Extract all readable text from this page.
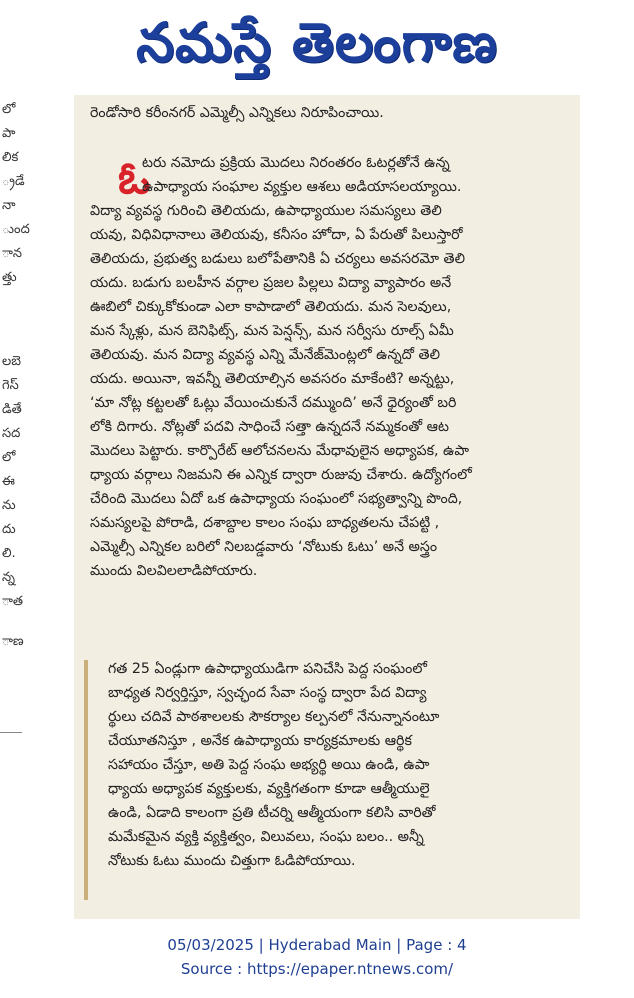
నమస్తే తెలంగాణ
లో
పా
లిక
్రడే
నా
ుంద
ాన
త్తు
లబె
గెస్
డితే
సద
లో
ఈ
ను
దు
లి.
న్న
ాత
ాణ
రెండోసారి కరీంనగర్ ఎమ్మెల్సీ ఎన్నికలు నిరూపించాయి.
ఓ
టరు నమోదు ప్రక్రియ మొదలు నిరంతరం ఓటర్లతోనే ఉన్న
ఉపాధ్యాయ సంఘాల వ్యక్తుల ఆశలు అడియాసలయ్యాయి.
విద్యా వ్యవస్థ గురించి తెలియదు, ఉపాధ్యాయుల సమస్యలు తెలి
యవు, విధివిధానాలు తెలియవు, కనీసం హోదా, ఏ పేరుతో పిలుస్తారో
తెలియదు, ప్రభుత్వ బడులు బలోపేతానికి ఏ చర్యలు అవసరమో తెలి
యదు. బడుగు బలహీన వర్గాల ప్రజల పిల్లలు విద్యా వ్యాపారం అనే
ఊబిలో చిక్కుకోకుండా ఎలా కాపాడాలో తెలియదు. మన సెలవులు,
మన స్కేళ్లు, మన బెనిఫిట్స్, మన పెన్షన్స్, మన సర్వీసు రూల్స్ ఏమీ
తెలియవు. మన విద్యా వ్యవస్థ ఎన్ని మేనేజ్‌మెంట్లలో ఉన్నదో తెలి
యదు. అయినా, ఇవన్నీ తెలియాల్సిన అవసరం మాకేంటి? అన్నట్టు,
‘మా నోట్ల కట్టలతో ఓట్లు వేయించుకునే దమ్ముంది’ అనే ధైర్యంతో బరి
లోకి దిగారు. నోట్లతో పదవి సాధించే సత్తా ఉన్నదనే నమ్మకంతో ఆట
మొదలు పెట్టారు. కార్పొరేట్ ఆలోచనలను మేధావులైన అధ్యాపక, ఉపా
ధ్యాయ వర్గాలు నిజమని ఈ ఎన్నిక ద్వారా రుజువు చేశారు. ఉద్యోగంలో
చేరింది మొదలు ఏదో ఒక ఉపాధ్యాయ సంఘంలో సభ్యత్వాన్ని పొంది,
సమస్యలపై పోరాడి, దశాబ్దాల కాలం సంఘ బాధ్యతలను చేపట్టి ,
ఎమ్మెల్సీ ఎన్నికల బరిలో నిలబడ్డవారు ‘నోటుకు ఓటు’ అనే అస్త్రం
ముందు విలవిలలాడిపోయారు.
గత 25 ఏండ్లుగా ఉపాధ్యాయుడిగా పనిచేసి పెద్ద సంఘంలో
బాధ్యత నిర్వర్తిస్తూ, స్వచ్ఛంద సేవా సంస్థ ద్వారా పేద విద్యా
ర్థులు చదివే పాఠశాలలకు సౌకర్యాల కల్పనలో నేనున్నానంటూ
చేయూతనిస్తూ , అనేక ఉపాధ్యాయ కార్యక్రమాలకు ఆర్థిక
సహాయం చేస్తూ, అతి పెద్ద సంఘ అభ్యర్థి అయి ఉండి, ఉపా
ధ్యాయ అధ్యాపక వ్యక్తులకు, వ్యక్తిగతంగా కూడా ఆత్మీయులై
ఉండి, ఏడాది కాలంగా ప్రతి టీచర్ని ఆత్మీయంగా కలిసి వారితో
మమేకమైన వ్యక్తి వ్యక్తిత్వం, విలువలు, సంఘ బలం.. అన్నీ
నోటుకు ఓటు ముందు చిత్తుగా ఓడిపోయాయి.
05/03/2025 | Hyderabad Main | Page : 4
Source : https://epaper.ntnews.com/
